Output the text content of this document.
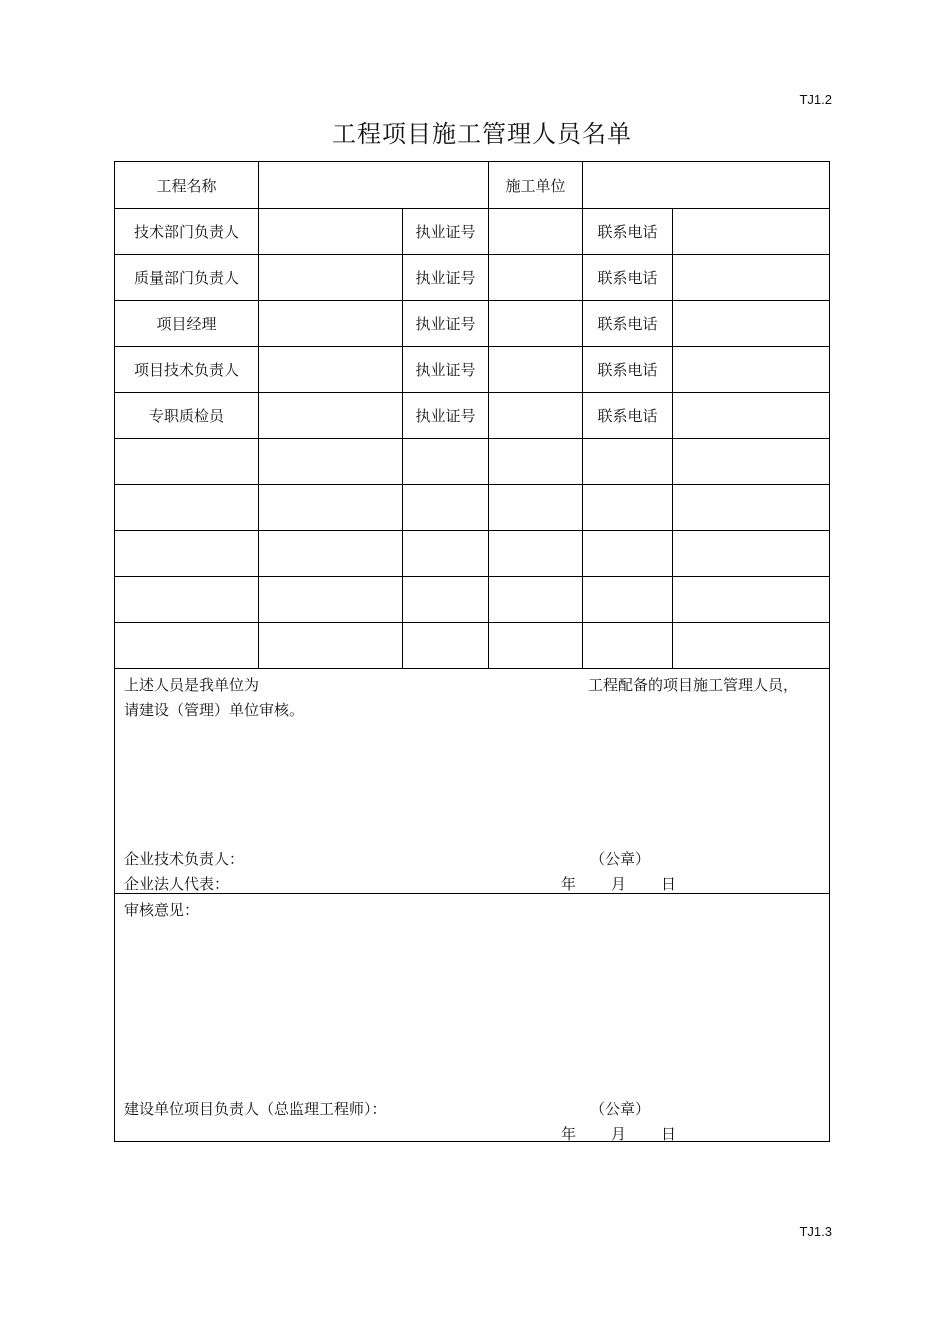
TJ1.2
工程项目施工管理人员名单
工程名称	施工单位
技术部门负责人	执业证号	联系电话
质量部门负责人	执业证号	联系电话
项目经理	执业证号	联系电话
项目技术负责人	执业证号	联系电话
专职质检员	执业证号	联系电话
上述人员是我单位为	工程配备的项目施工管理人员，
请建设（管理）单位审核。
企业技术负责人：	（公章）
企业法人代表：	年 月 日
审核意见：
建设单位项目负责人（总监理工程师）：	（公章）
年 月 日
TJ1.3
